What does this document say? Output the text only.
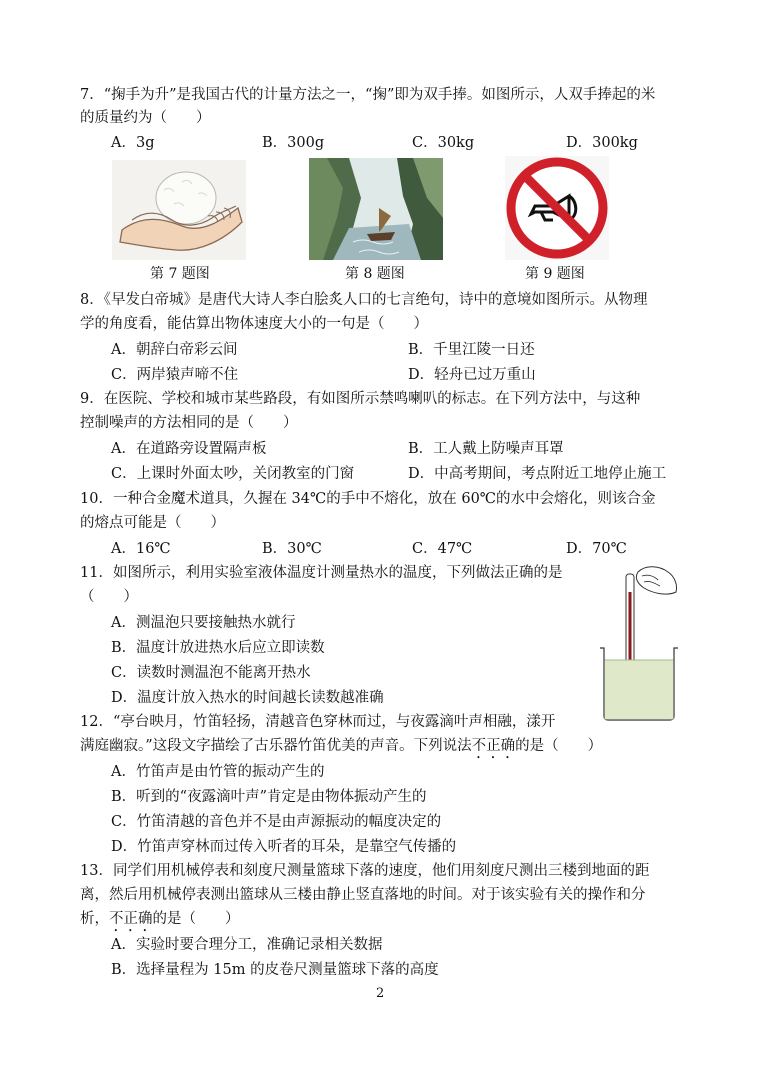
7．“掬手为升”是我国古代的计量方法之一，“掬”即为双手捧。如图所示，人双手捧起的米
的质量约为（　　）
A．3g	B．300g	C．30kg	D．300kg
第 7 题图	第 8 题图	第 9 题图
8．《早发白帝城》是唐代大诗人李白脍炙人口的七言绝句，诗中的意境如图所示。从物理
学的角度看，能估算出物体速度大小的一句是（　　）
A．朝辞白帝彩云间	B．千里江陵一日还
C．两岸猿声啼不住	D．轻舟已过万重山
9．在医院、学校和城市某些路段，有如图所示禁鸣喇叭的标志。在下列方法中，与这种
控制噪声的方法相同的是（　　）
A．在道路旁设置隔声板	B．工人戴上防噪声耳罩
C．上课时外面太吵，关闭教室的门窗	D．中高考期间，考点附近工地停止施工
10．一种合金魔术道具，久握在 34℃的手中不熔化，放在 60℃的水中会熔化，则该合金
的熔点可能是（　　）
A．16℃	B．30℃	C．47℃	D．70℃
11．如图所示，利用实验室液体温度计测量热水的温度，下列做法正确的是
（　　）
A．测温泡只要接触热水就行
B．温度计放进热水后应立即读数
C．读数时测温泡不能离开热水
D．温度计放入热水的时间越长读数越准确
12．“亭台映月，竹笛轻扬，清越音色穿林而过，与夜露滴叶声相融，漾开
满庭幽寂。”这段文字描绘了古乐器竹笛优美的声音。下列说法不正确的是（　　）
A．竹笛声是由竹管的振动产生的
B．听到的“夜露滴叶声”肯定是由物体振动产生的
C．竹笛清越的音色并不是由声源振动的幅度决定的
D．竹笛声穿林而过传入听者的耳朵，是靠空气传播的
13．同学们用机械停表和刻度尺测量篮球下落的速度，他们用刻度尺测出三楼到地面的距
离，然后用机械停表测出篮球从三楼由静止竖直落地的时间。对于该实验有关的操作和分
析，不正确的是（　　）
A．实验时要合理分工，准确记录相关数据
B．选择量程为 15m 的皮卷尺测量篮球下落的高度
2
